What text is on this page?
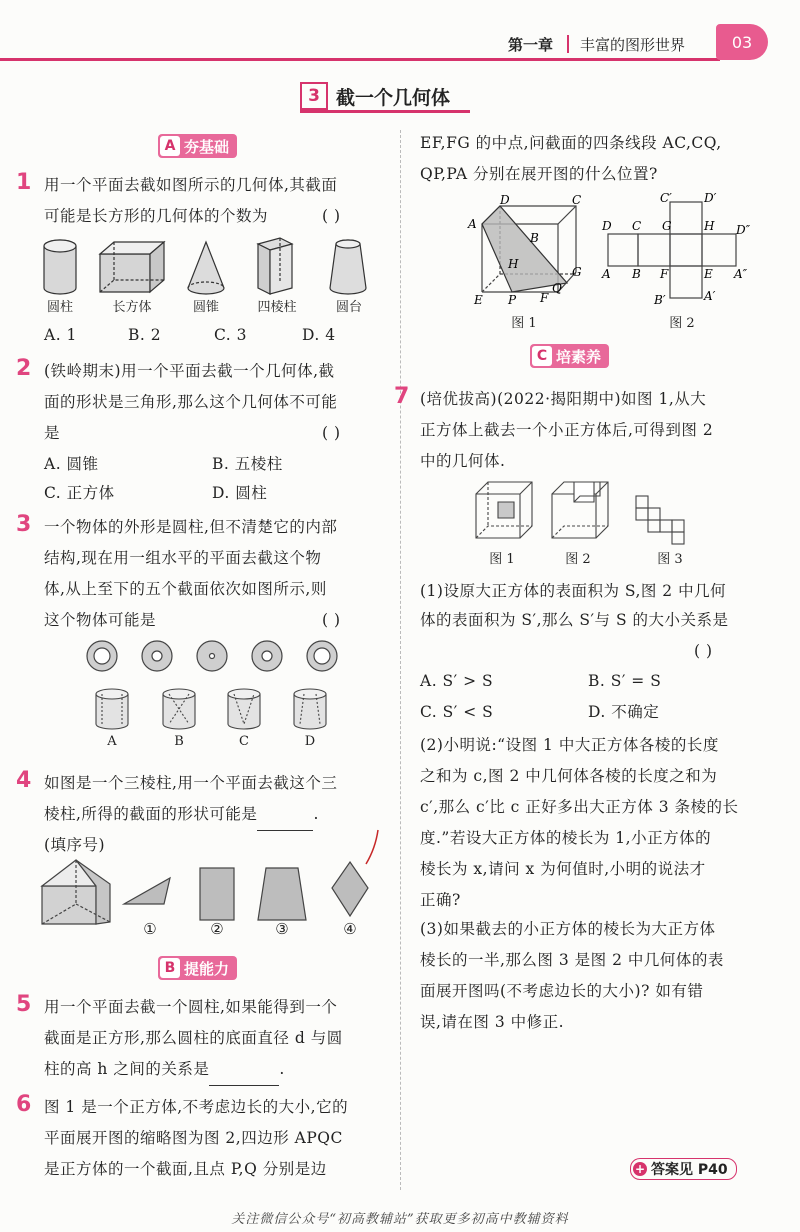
第一章 丰富的图形世界	03
3 截一个几何体
A 夯基础
1 用一个平面去截如图所示的几何体,其截面
可能是长方形的几何体的个数为	( )
圆柱	长方体	圆锥	四棱柱	圆台
A. 1	B. 2	C. 3	D. 4
2 (铁岭期末)用一个平面去截一个几何体,截
面的形状是三角形,那么这个几何体不可能
是	( )
A. 圆锥	B. 五棱柱
C. 正方体	D. 圆柱
3 一个物体的外形是圆柱,但不清楚它的内部
结构,现在用一组水平的平面去截这个物
体,从上至下的五个截面依次如图所示,则
这个物体可能是	( )
A	B	C	D
4 如图是一个三棱柱,用一个平面去截这个三
棱柱,所得的截面的形状可能是	.
(填序号)
①	②	③	④
B 提能力
5 用一个平面去截一个圆柱,如果能得到一个
截面是正方形,那么圆柱的底面直径 d 与圆
柱的高 h 之间的关系是	.
6 图 1 是一个正方体,不考虑边长的大小,它的
平面展开图的缩略图为图 2,四边形 APQC
是正方体的一个截面,且点 P,Q 分别是边
EF,FG 的中点,问截面的四条线段 AC,CQ,
QP,PA 分别在展开图的什么位置?
D	C
A
B
H
E P F
Q
G
图 1
C′	D′
D C G	H D″
A B F	E A″
B′	A′
图 2
C 培素养
7 (培优拔高)(2022·揭阳期中)如图 1,从大
正方体上截去一个小正方体后,可得到图 2
中的几何体.
图 1	图 2	图 3
(1)设原大正方体的表面积为 S,图 2 中几何
体的表面积为 S′,那么 S′与 S 的大小关系是
( )
A. S′ > S	B. S′ = S
C. S′ < S	D. 不确定
(2)小明说:“设图 1 中大正方体各棱的长度
之和为 c,图 2 中几何体各棱的长度之和为
c′,那么 c′比 c 正好多出大正方体 3 条棱的长
度.”若设大正方体的棱长为 1,小正方体的
棱长为 x,请问 x 为何值时,小明的说法才
正确?
(3)如果截去的小正方体的棱长为大正方体
棱长的一半,那么图 3 是图 2 中几何体的表
面展开图吗(不考虑边长的大小)? 如有错
误,请在图 3 中修正.
+ 答案见 P40
关注微信公众号“初高教辅站”获取更多初高中教辅资料
